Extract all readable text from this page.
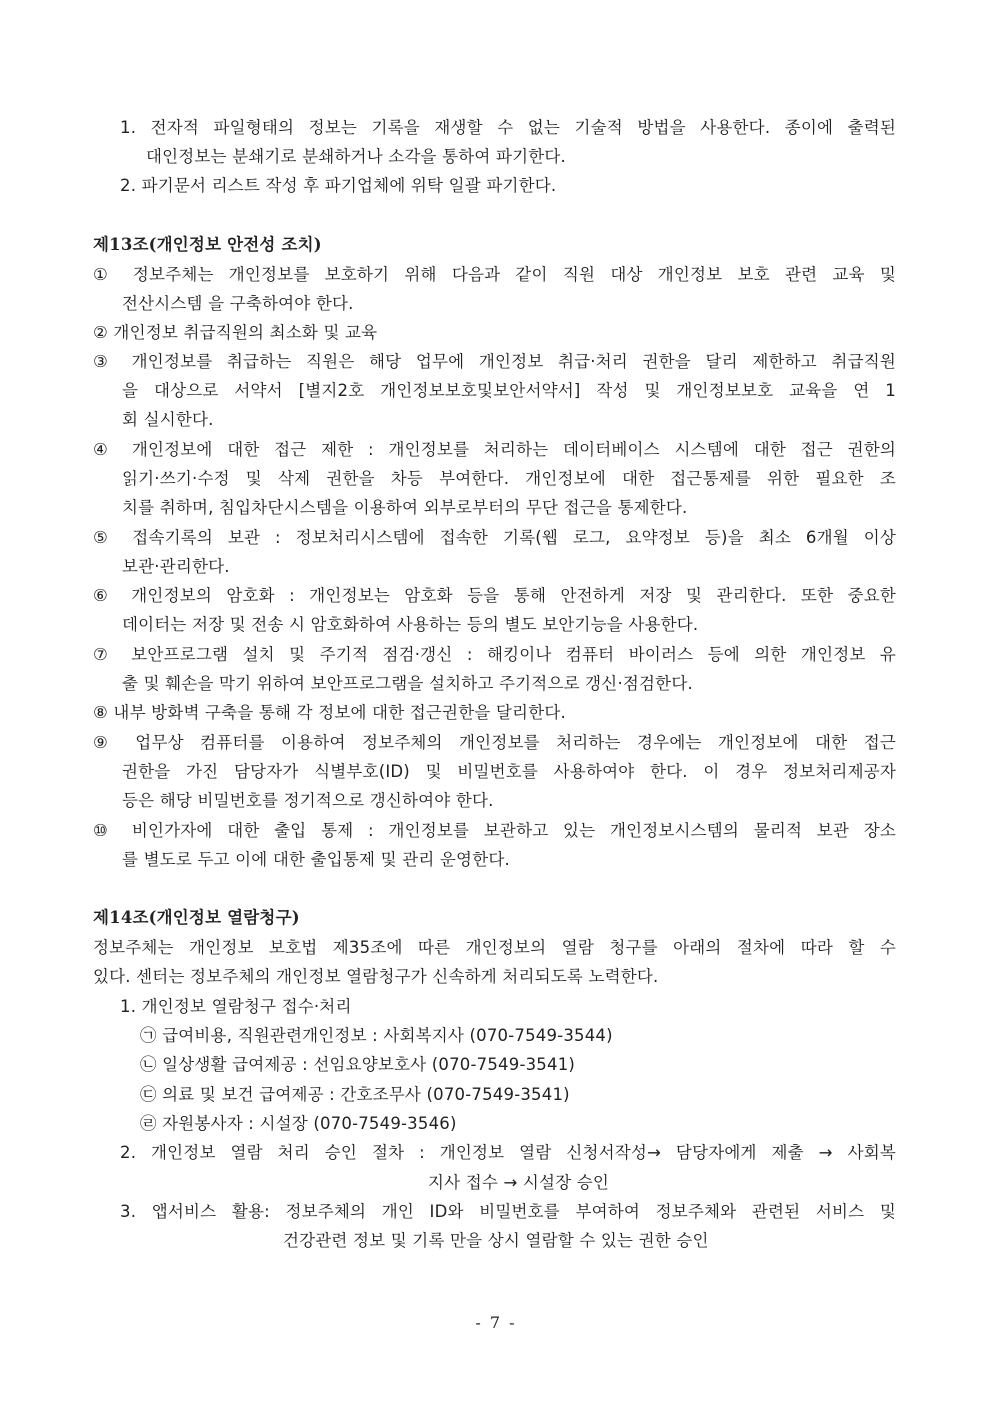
1. 전자적 파일형태의 정보는 기록을 재생할 수 없는 기술적 방법을 사용한다. 종이에 출력된
대인정보는 분쇄기로 분쇄하거나 소각을 통하여 파기한다.
2. 파기문서 리스트 작성 후 파기업체에 위탁 일괄 파기한다.
제13조(개인정보 안전성 조치)
① 정보주체는 개인정보를 보호하기 위해 다음과 같이 직원 대상 개인정보 보호 관련 교육 및
전산시스템 을 구축하여야 한다.
② 개인정보 취급직원의 최소화 및 교육
③ 개인정보를 취급하는 직원은 해당 업무에 개인정보 취급·처리 권한을 달리 제한하고 취급직원
을 대상으로 서약서 [별지2호 개인정보보호및보안서약서] 작성 및 개인정보보호 교육을 연 1
회 실시한다.
④ 개인정보에 대한 접근 제한 : 개인정보를 처리하는 데이터베이스 시스템에 대한 접근 권한의
읽기·쓰기·수정 및 삭제 권한을 차등 부여한다. 개인정보에 대한 접근통제를 위한 필요한 조
치를 취하며, 침입차단시스템을 이용하여 외부로부터의 무단 접근을 통제한다.
⑤ 접속기록의 보관 : 정보처리시스템에 접속한 기록(웹 로그, 요약정보 등)을 최소 6개월 이상
보관·관리한다.
⑥ 개인정보의 암호화 : 개인정보는 암호화 등을 통해 안전하게 저장 및 관리한다. 또한 중요한
데이터는 저장 및 전송 시 암호화하여 사용하는 등의 별도 보안기능을 사용한다.
⑦ 보안프로그램 설치 및 주기적 점검·갱신 : 해킹이나 컴퓨터 바이러스 등에 의한 개인정보 유
출 및 훼손을 막기 위하여 보안프로그램을 설치하고 주기적으로 갱신·점검한다.
⑧ 내부 방화벽 구축을 통해 각 정보에 대한 접근권한을 달리한다.
⑨ 업무상 컴퓨터를 이용하여 정보주체의 개인정보를 처리하는 경우에는 개인정보에 대한 접근
권한을 가진 담당자가 식별부호(ID) 및 비밀번호를 사용하여야 한다. 이 경우 정보처리제공자
등은 해당 비밀번호를 정기적으로 갱신하여야 한다.
⑩ 비인가자에 대한 출입 통제 : 개인정보를 보관하고 있는 개인정보시스템의 물리적 보관 장소
를 별도로 두고 이에 대한 출입통제 및 관리 운영한다.
제14조(개인정보 열람청구)
정보주체는 개인정보 보호법 제35조에 따른 개인정보의 열람 청구를 아래의 절차에 따라 할 수
있다. 센터는 정보주체의 개인정보 열람청구가 신속하게 처리되도록 노력한다.
1. 개인정보 열람청구 접수·처리
㉠ 급여비용, 직원관련개인정보 : 사회복지사 (070-7549-3544)
㉡ 일상생활 급여제공 : 선임요양보호사 (070-7549-3541)
㉢ 의료 및 보건 급여제공 : 간호조무사 (070-7549-3541)
㉣ 자원봉사자 : 시설장 (070-7549-3546)
2. 개인정보 열람 처리 승인 절차 : 개인정보 열람 신청서작성→ 담당자에게 제출 → 사회복
지사 접수 → 시설장 승인
3. 앱서비스 활용: 정보주체의 개인 ID와 비밀번호를 부여하여 정보주체와 관련된 서비스 및
건강관련 정보 및 기록 만을 상시 열람할 수 있는 권한 승인
- 7 -
